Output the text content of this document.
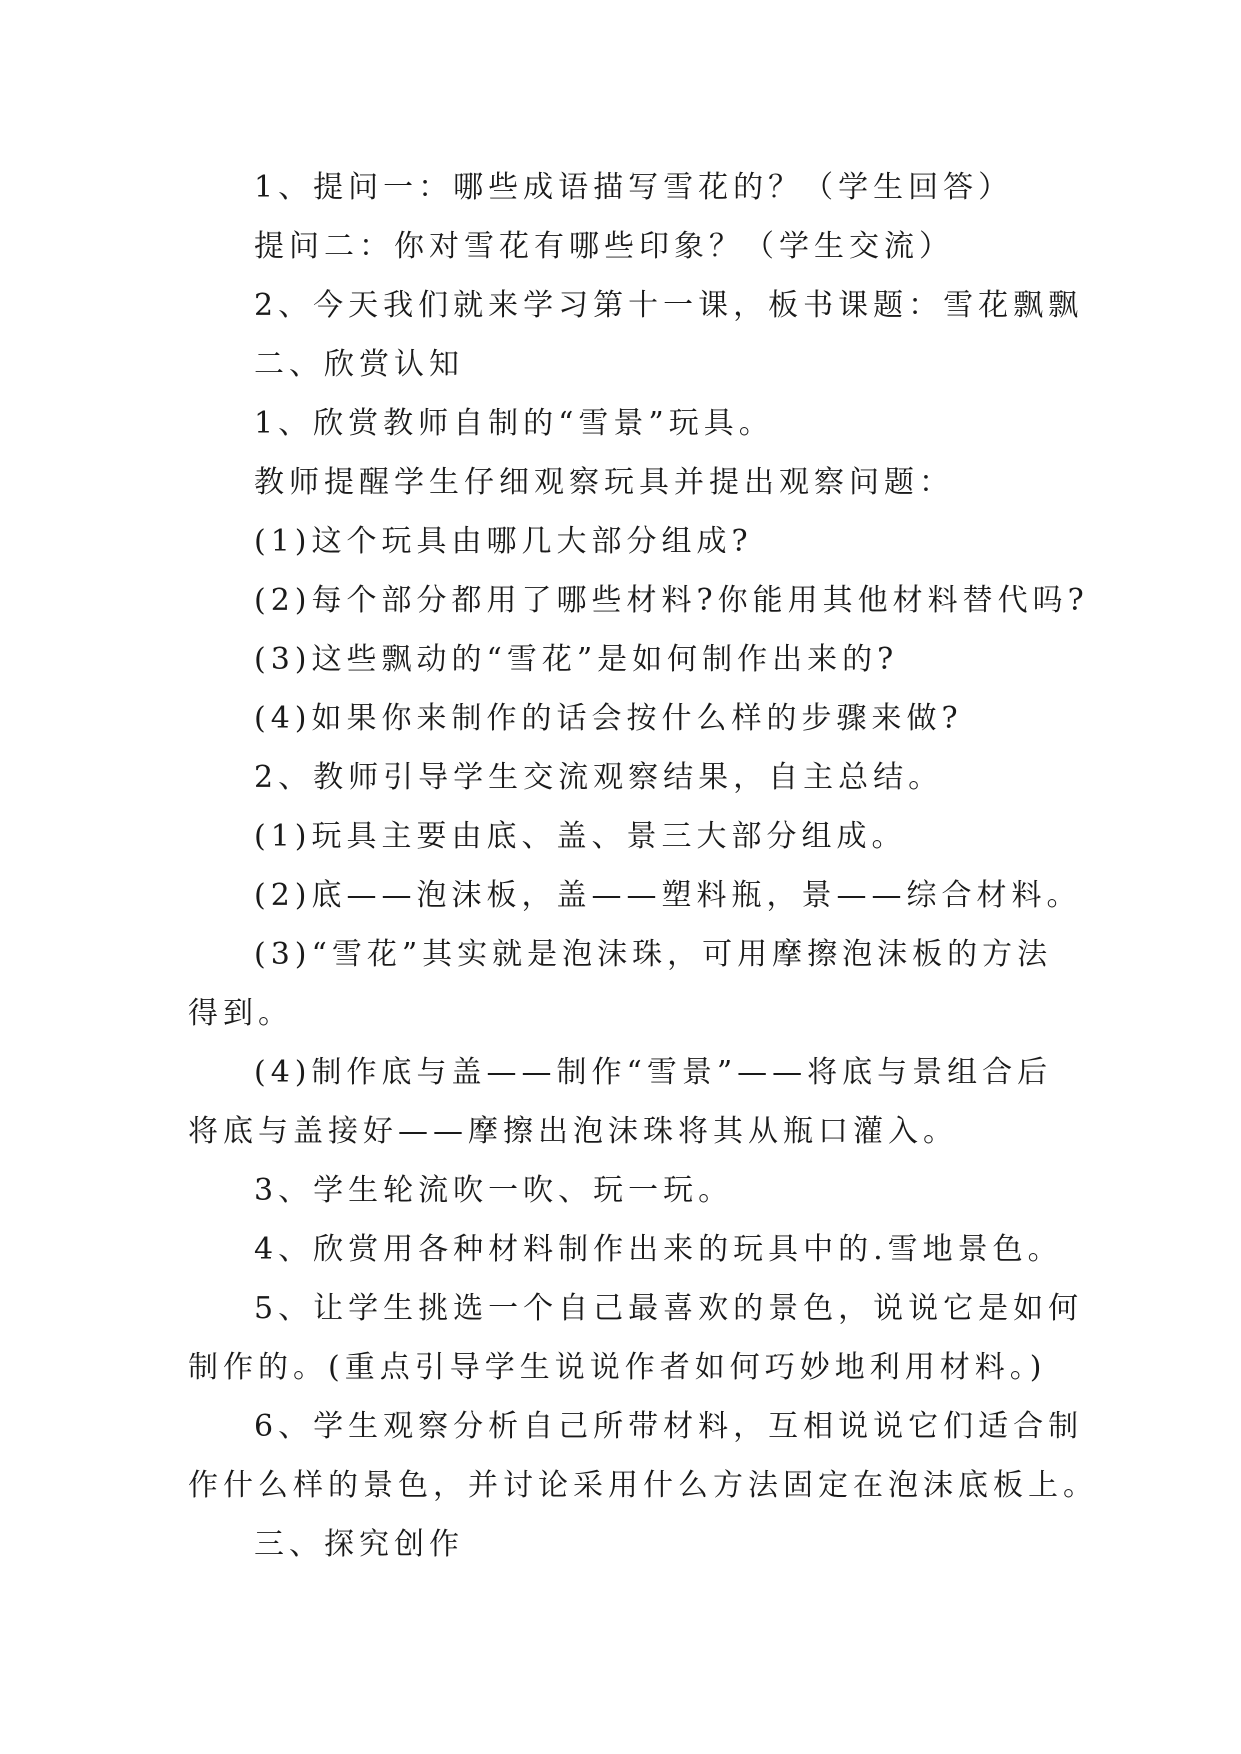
1、提问一：哪些成语描写雪花的？（学生回答）

提问二：你对雪花有哪些印象？（学生交流）

2、今天我们就来学习第十一课，板书课题：雪花飘飘

二、欣赏认知

1、欣赏教师自制的“雪景”玩具。

教师提醒学生仔细观察玩具并提出观察问题：

(1)这个玩具由哪几大部分组成?

(2)每个部分都用了哪些材料?你能用其他材料替代吗?

(3)这些飘动的“雪花”是如何制作出来的?

(4)如果你来制作的话会按什么样的步骤来做?

2、教师引导学生交流观察结果，自主总结。

(1)玩具主要由底、盖、景三大部分组成。

(2)底——泡沫板，盖——塑料瓶，景——综合材料。

(3)“雪花”其实就是泡沫珠，可用摩擦泡沫板的方法

得到。

(4)制作底与盖——制作“雪景”——将底与景组合后

将底与盖接好——摩擦出泡沫珠将其从瓶口灌入。

3、学生轮流吹一吹、玩一玩。

4、欣赏用各种材料制作出来的玩具中的.雪地景色。

5、让学生挑选一个自己最喜欢的景色，说说它是如何

制作的。(重点引导学生说说作者如何巧妙地利用材料。)

6、学生观察分析自己所带材料，互相说说它们适合制

作什么样的景色，并讨论采用什么方法固定在泡沫底板上。

三、探究创作
